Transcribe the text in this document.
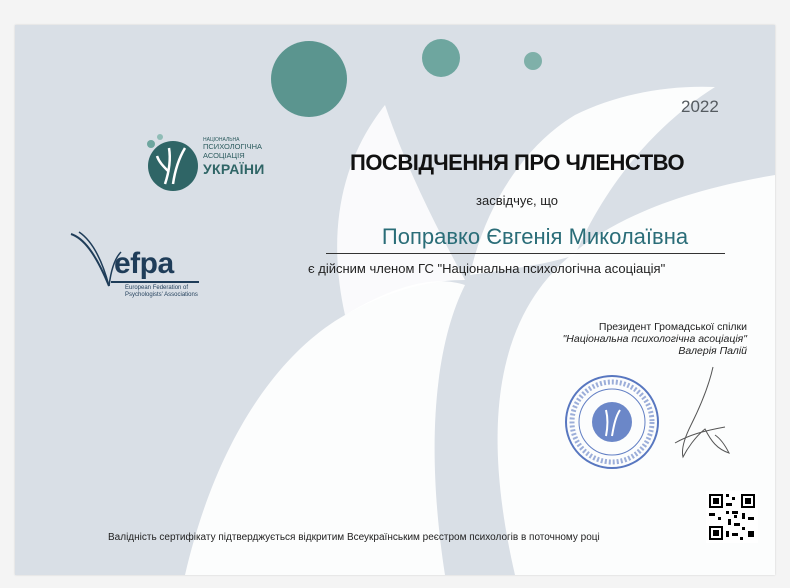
2022
НАЦІОНАЛЬНА
ПСИХОЛОГІЧНА
АСОЦІАЦІЯ
УКРАЇНИ
efpa
European Federation of
Psychologists' Associations
ПОСВІДЧЕННЯ ПРО ЧЛЕНСТВО
засвідчує, що
Поправко Євгенія Миколаївна
є дійсним членом ГС "Національна психологічна асоціація"
Президент Громадської спілки
"Національна психологічна асоціація"
Валерія Палій
Валідність сертифікату підтверджується відкритим Всеукраїнським реєстром психологів в поточному році
